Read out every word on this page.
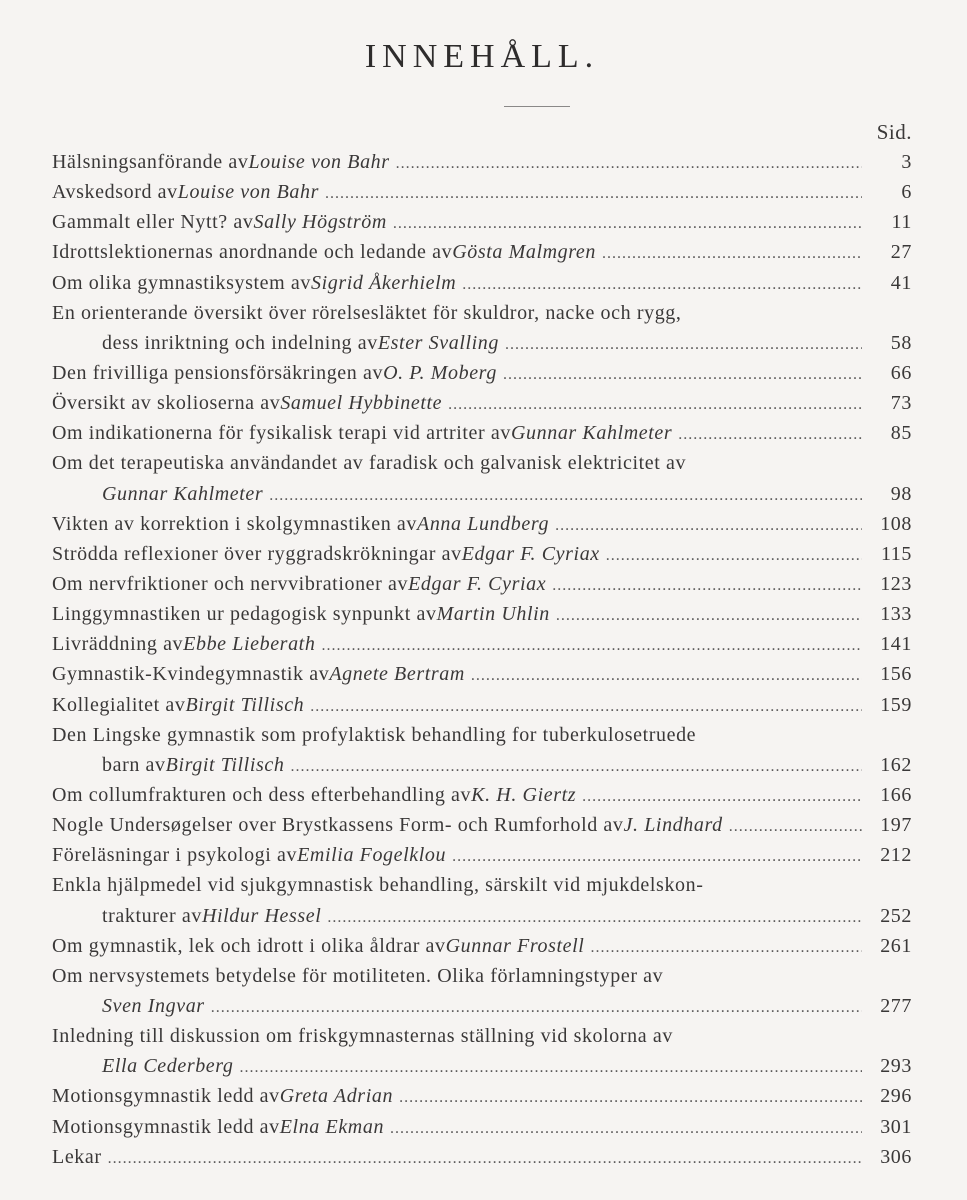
INNEHÅLL.
Sid.
Hälsningsanförande av Louise von Bahr .....	3
Avskedsord av Louise von Bahr .....	6
Gammalt eller Nytt? av Sally Högström .....	11
Idrottslektionernas anordnande och ledande av Gösta Malmgren .....	27
Om olika gymnastiksystem av Sigrid Åkerhielm .....	41
En orienterande översikt över rörelsesläktet för skuldror, nacke och rygg,
dess inriktning och indelning av Ester Svalling .....	58
Den frivilliga pensionsförsäkringen av O. P. Moberg .....	66
Översikt av skolioserna av Samuel Hybbinette .....	73
Om indikationerna för fysikalisk terapi vid artriter av Gunnar Kahlmeter .....	85
Om det terapeutiska användandet av faradisk och galvanisk elektricitet av
Gunnar Kahlmeter .....	98
Vikten av korrektion i skolgymnastiken av Anna Lundberg .....	108
Strödda reflexioner över ryggradskrökningar av Edgar F. Cyriax .....	115
Om nervfriktioner och nervvibrationer av Edgar F. Cyriax .....	123
Linggymnastiken ur pedagogisk synpunkt av Martin Uhlin .....	133
Livräddning av Ebbe Lieberath .....	141
Gymnastik-Kvindegymnastik av Agnete Bertram .....	156
Kollegialitet av Birgit Tillisch .....	159
Den Lingske gymnastik som profylaktisk behandling for tuberkulosetruede
barn av Birgit Tillisch .....	162
Om collumfrakturen och dess efterbehandling av K. H. Giertz .....	166
Nogle Undersøgelser over Brystkassens Form- och Rumforhold av J. Lindhard .....	197
Föreläsningar i psykologi av Emilia Fogelklou .....	212
Enkla hjälpmedel vid sjukgymnastisk behandling, särskilt vid mjukdelskon-
trakturer av Hildur Hessel .....	252
Om gymnastik, lek och idrott i olika åldrar av Gunnar Frostell .....	261
Om nervsystemets betydelse för motiliteten. Olika förlamningstyper av
Sven Ingvar .....	277
Inledning till diskussion om friskgymnasternas ställning vid skolorna av
Ella Cederberg .....	293
Motionsgymnastik ledd av Greta Adrian .....	296
Motionsgymnastik ledd av Elna Ekman .....	301
Lekar .....	306
